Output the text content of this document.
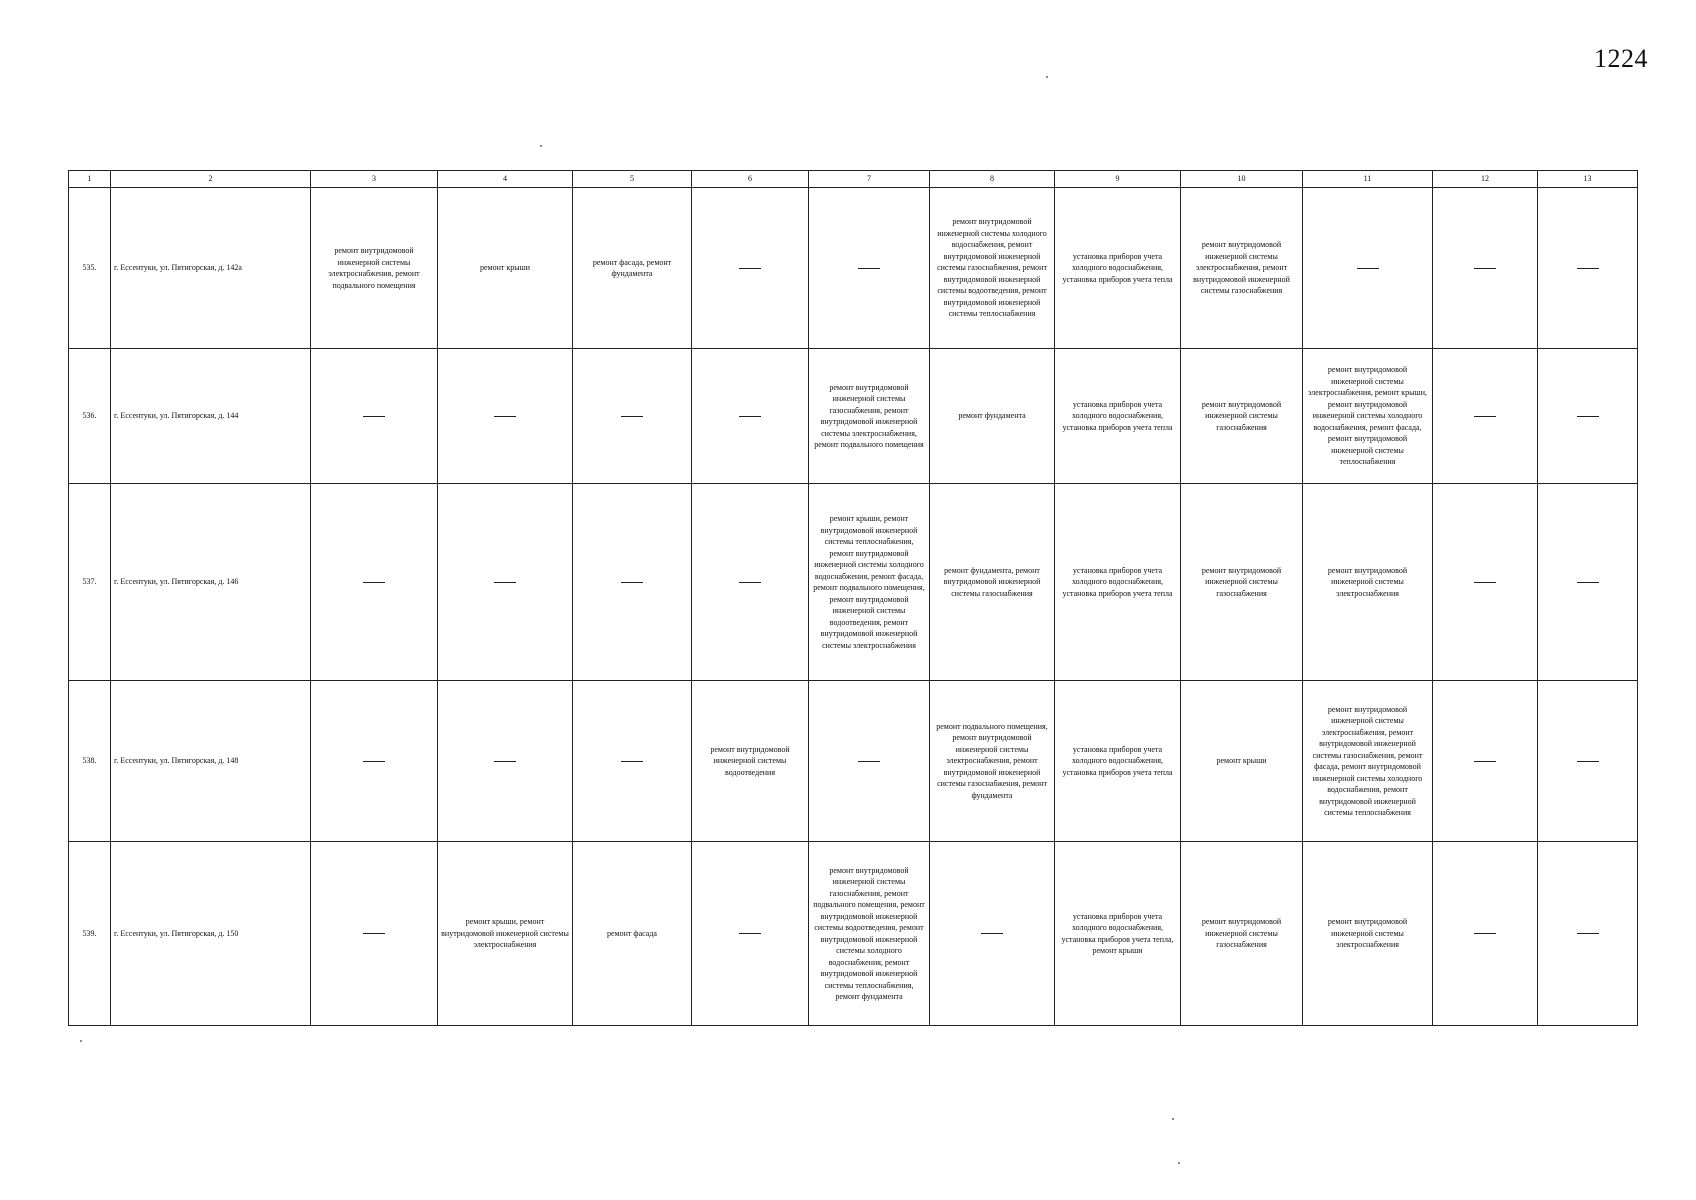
1224
1	2	3	4	5	6	7	8	9	10	11	12	13
535.	г. Ессентуки, ул. Пятигорская, д. 142а	ремонт внутридомовой инженерной системы электроснабжения, ремонт подвального помещения	ремонт крыши	ремонт фасада, ремонт фундамента			ремонт внутридомовой инженерной системы холодного водоснабжения, ремонт внутридомовой инженерной системы газоснабжения, ремонт внутридомовой инженерной системы водоотведения, ремонт внутридомовой инженерной системы теплоснабжения	установка приборов учета холодного водоснабжения, установка приборов учета тепла	ремонт внутридомовой инженерной системы электроснабжения, ремонт внутридомовой инженерной системы газоснабжения			
536.	г. Ессентуки, ул. Пятигорская, д. 144					ремонт внутридомовой инженерной системы газоснабжения, ремонт внутридомовой инженерной системы электроснабжения, ремонт подвального помещения	ремонт фундамента	установка приборов учета холодного водоснабжения, установка приборов учета тепла	ремонт внутридомовой инженерной системы газоснабжения	ремонт внутридомовой инженерной системы электроснабжения, ремонт крыши, ремонт внутридомовой инженерной системы холодного водоснабжения, ремонт фасада, ремонт внутридомовой инженерной системы теплоснабжения		
537.	г. Ессентуки, ул. Пятигорская, д. 146					ремонт крыши, ремонт внутридомовой инженерной системы теплоснабжения, ремонт внутридомовой инженерной системы холодного водоснабжения, ремонт фасада, ремонт подвального помещения, ремонт внутридомовой инженерной системы водоотведения, ремонт внутридомовой инженерной системы электроснабжения	ремонт фундамента, ремонт внутридомовой инженерной системы газоснабжения	установка приборов учета холодного водоснабжения, установка приборов учета тепла	ремонт внутридомовой инженерной системы газоснабжения	ремонт внутридомовой инженерной системы электроснабжения		
538.	г. Ессентуки, ул. Пятигорская, д. 148				ремонт внутридомовой инженерной системы водоотведения		ремонт подвального помещения, ремонт внутридомовой инженерной системы электроснабжения, ремонт внутридомовой инженерной системы газоснабжения, ремонт фундамента	установка приборов учета холодного водоснабжения, установка приборов учета тепла	ремонт крыши	ремонт внутридомовой инженерной системы электроснабжения, ремонт внутридомовой инженерной системы газоснабжения, ремонт фасада, ремонт внутридомовой инженерной системы холодного водоснабжения, ремонт внутридомовой инженерной системы теплоснабжения		
539.	г. Ессентуки, ул. Пятигорская, д. 150		ремонт крыши, ремонт внутридомовой инженерной системы электроснабжения	ремонт фасада		ремонт внутридомовой инженерной системы газоснабжения, ремонт подвального помещения, ремонт внутридомовой инженерной системы водоотведения, ремонт внутридомовой инженерной системы холодного водоснабжения, ремонт внутридомовой инженерной системы теплоснабжения, ремонт фундамента		установка приборов учета холодного водоснабжения, установка приборов учета тепла, ремонт крыши	ремонт внутридомовой инженерной системы газоснабжения	ремонт внутридомовой инженерной системы электроснабжения		
